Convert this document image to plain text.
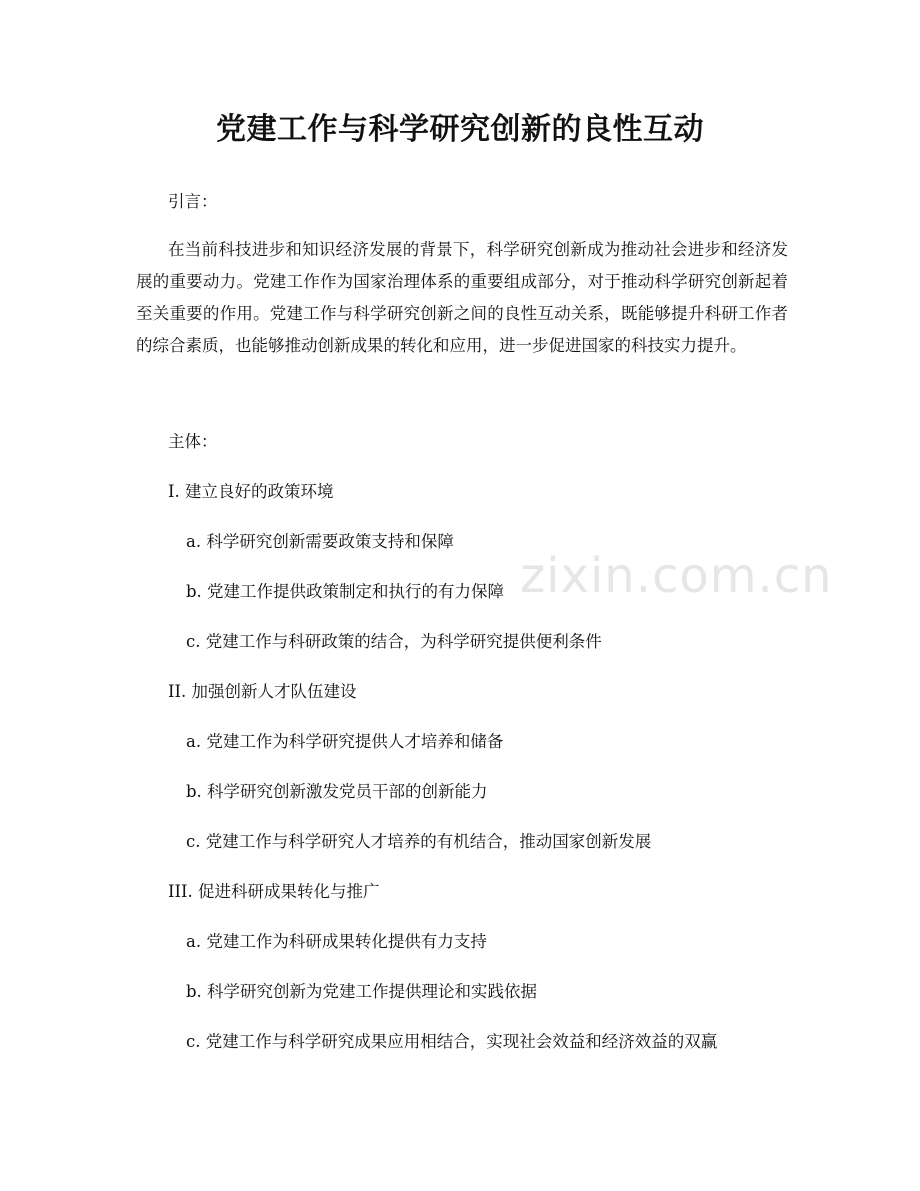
zixin.com.cn
党建工作与科学研究创新的良性互动
引言：
在当前科技进步和知识经济发展的背景下，科学研究创新成为推动社会进步和经济发展的重要动力。党建工作作为国家治理体系的重要组成部分，对于推动科学研究创新起着至关重要的作用。党建工作与科学研究创新之间的良性互动关系，既能够提升科研工作者的综合素质，也能够推动创新成果的转化和应用，进一步促进国家的科技实力提升。
主体：
I. 建立良好的政策环境
a. 科学研究创新需要政策支持和保障
b. 党建工作提供政策制定和执行的有力保障
c. 党建工作与科研政策的结合，为科学研究提供便利条件
II. 加强创新人才队伍建设
a. 党建工作为科学研究提供人才培养和储备
b. 科学研究创新激发党员干部的创新能力
c. 党建工作与科学研究人才培养的有机结合，推动国家创新发展
III. 促进科研成果转化与推广
a. 党建工作为科研成果转化提供有力支持
b. 科学研究创新为党建工作提供理论和实践依据
c. 党建工作与科学研究成果应用相结合，实现社会效益和经济效益的双赢
